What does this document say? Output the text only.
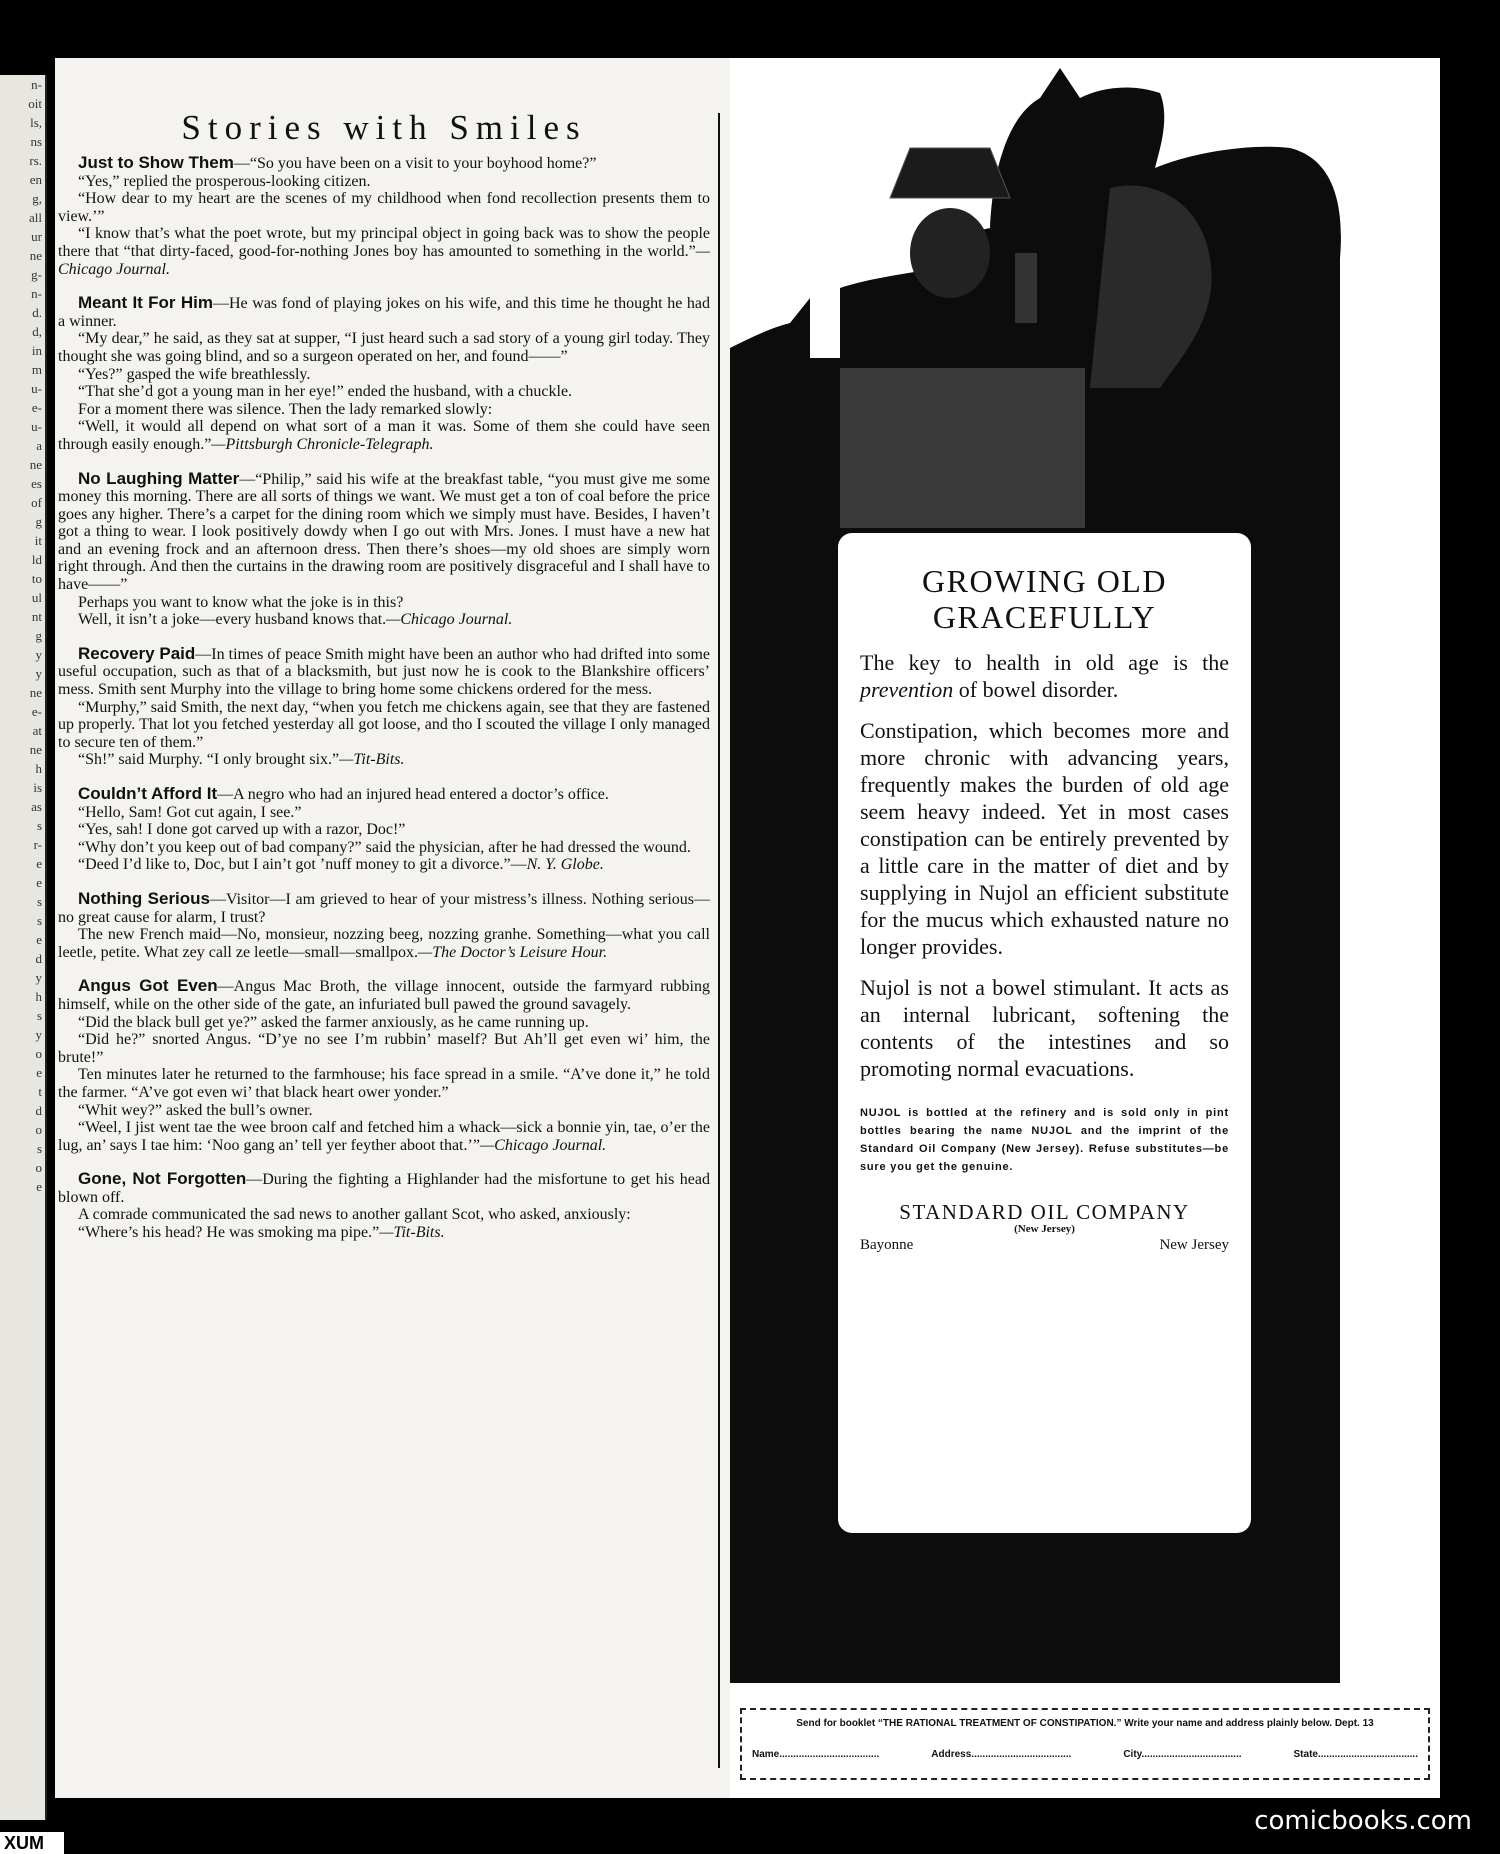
n-
oit
ls,
ns
rs.
en
g,
all
ur
ne
g-
n-
d.
d,
in
m
u-
e-
u-
a
ne
es
of
g
it
ld
to
ul
nt
g
y
y
ne
e-
at
ne
h
is
as
s
r-
e
e
s
s
e
d
y
h
s
y
o
e
t
d
o
s
o
e
Stories with Smiles

Just to Show Them—“So you have been on a visit to your boyhood home?”

“Yes,” replied the prosperous-looking citizen.

“How dear to my heart are the scenes of my childhood when fond recollection presents them to view.’”

“I know that’s what the poet wrote, but my principal object in going back was to show the people there that “that dirty-faced, good-for-nothing Jones boy has amounted to something in the world.”—Chicago Journal.

Meant It For Him—He was fond of playing jokes on his wife, and this time he thought he had a winner.

“My dear,” he said, as they sat at supper, “I just heard such a sad story of a young girl today. They thought she was going blind, and so a surgeon operated on her, and found——”

“Yes?” gasped the wife breathlessly.

“That she’d got a young man in her eye!” ended the husband, with a chuckle.

For a moment there was silence. Then the lady remarked slowly:

“Well, it would all depend on what sort of a man it was. Some of them she could have seen through easily enough.”—Pittsburgh Chronicle-Telegraph.

No Laughing Matter—“Philip,” said his wife at the breakfast table, “you must give me some money this morning. There are all sorts of things we want. We must get a ton of coal before the price goes any higher. There’s a carpet for the dining room which we simply must have. Besides, I haven’t got a thing to wear. I look positively dowdy when I go out with Mrs. Jones. I must have a new hat and an evening frock and an afternoon dress. Then there’s shoes—my old shoes are simply worn right through. And then the curtains in the drawing room are positively disgraceful and I shall have to have——”

Perhaps you want to know what the joke is in this?

Well, it isn’t a joke—every husband knows that.—Chicago Journal.

Recovery Paid—In times of peace Smith might have been an author who had drifted into some useful occupation, such as that of a blacksmith, but just now he is cook to the Blankshire officers’ mess. Smith sent Murphy into the village to bring home some chickens ordered for the mess.

“Murphy,” said Smith, the next day, “when you fetch me chickens again, see that they are fastened up properly. That lot you fetched yesterday all got loose, and tho I scouted the village I only managed to secure ten of them.”

“Sh!” said Murphy. “I only brought six.”—Tit-Bits.

Couldn’t Afford It—A negro who had an injured head entered a doctor’s office.

“Hello, Sam! Got cut again, I see.”

“Yes, sah! I done got carved up with a razor, Doc!”

“Why don’t you keep out of bad company?” said the physician, after he had dressed the wound.

“Deed I’d like to, Doc, but I ain’t got ’nuff money to git a divorce.”—N. Y. Globe.

Nothing Serious—Visitor—I am grieved to hear of your mistress’s illness. Nothing serious—no great cause for alarm, I trust?

The new French maid—No, monsieur, nozzing beeg, nozzing granhe. Something—what you call leetle, petite. What zey call ze leetle—small—smallpox.—The Doctor’s Leisure Hour.

Angus Got Even—Angus Mac Broth, the village innocent, outside the farmyard rubbing himself, while on the other side of the gate, an infuriated bull pawed the ground savagely.

“Did the black bull get ye?” asked the farmer anxiously, as he came running up.

“Did he?” snorted Angus. “D’ye no see I’m rubbin’ maself? But Ah’ll get even wi’ him, the brute!”

Ten minutes later he returned to the farmhouse; his face spread in a smile. “A’ve done it,” he told the farmer. “A’ve got even wi’ that black heart ower yonder.”

“Whit wey?” asked the bull’s owner.

“Weel, I jist went tae the wee broon calf and fetched him a whack—sick a bonnie yin, tae, o’er the lug, an’ says I tae him: ‘Noo gang an’ tell yer feyther aboot that.’”—Chicago Journal.

Gone, Not Forgotten—During the fighting a Highlander had the misfortune to get his head blown off.

A comrade communicated the sad news to another gallant Scot, who asked, anxiously:

“Where’s his head? He was smoking ma pipe.”—Tit-Bits.

GROWING OLD
GRACEFULLY

The key to health in old age is the prevention of bowel disorder.

Constipation, which becomes more and more chronic with advancing years, frequently makes the burden of old age seem heavy indeed. Yet in most cases constipation can be entirely prevented by a little care in the matter of diet and by supplying in Nujol an efficient substitute for the mucus which exhausted nature no longer provides.

Nujol is not a bowel stimulant. It acts as an internal lubricant, softening the contents of the intestines and so promoting normal evacuations.

NUJOL is bottled at the refinery and is sold only in pint bottles bearing the name NUJOL and the imprint of the Standard Oil Company (New Jersey). Refuse substitutes—be sure you get the genuine.

STANDARD OIL COMPANY
(New Jersey)
Bayonne	New Jersey
Send for booklet “THE RATIONAL TREATMENT OF CONSTIPATION.” Write your name and address plainly below. Dept. 13
Name....................................	Address....................................	City....................................	State....................................
comicbooks.com
XUM
